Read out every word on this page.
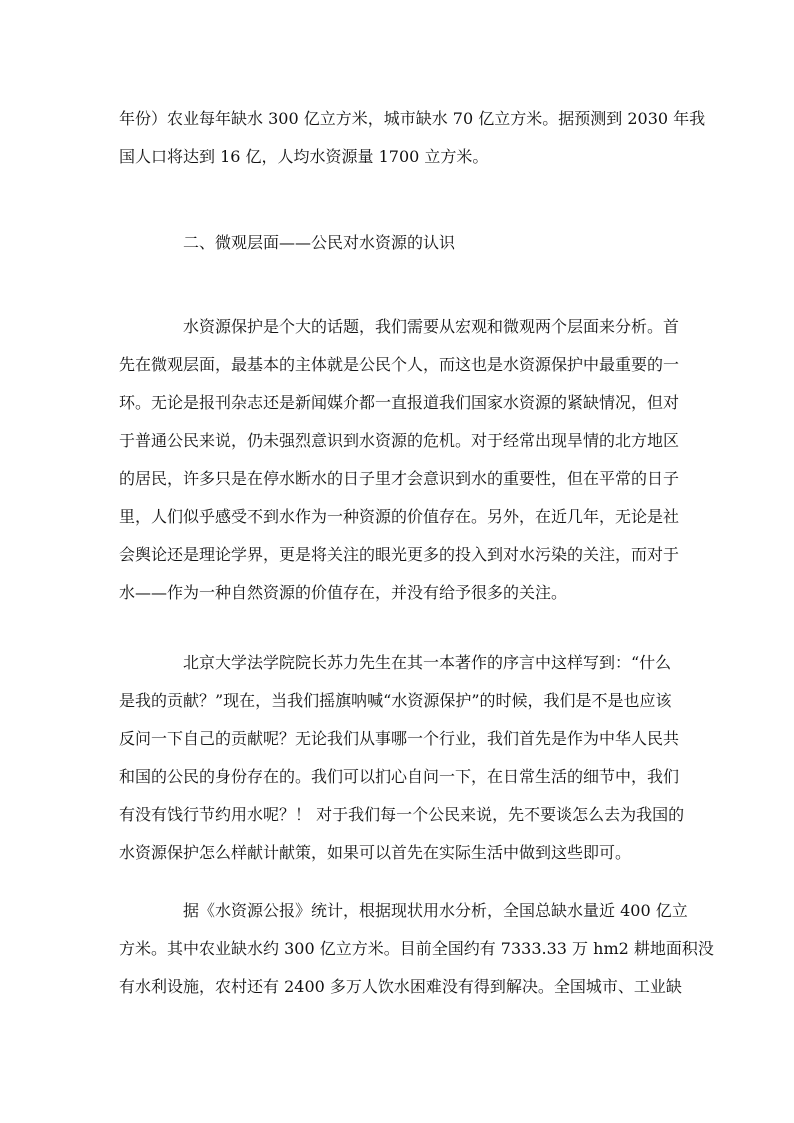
年份）农业每年缺水 300 亿立方米，城市缺水 70 亿立方米。据预测到 2030 年我
国人口将达到 16 亿，人均水资源量 1700 立方米。
二、微观层面——公民对水资源的认识
水资源保护是个大的话题，我们需要从宏观和微观两个层面来分析。首
先在微观层面，最基本的主体就是公民个人，而这也是水资源保护中最重要的一
环。无论是报刊杂志还是新闻媒介都一直报道我们国家水资源的紧缺情况，但对
于普通公民来说，仍未强烈意识到水资源的危机。对于经常出现旱情的北方地区
的居民，许多只是在停水断水的日子里才会意识到水的重要性，但在平常的日子
里，人们似乎感受不到水作为一种资源的价值存在。另外，在近几年，无论是社
会舆论还是理论学界，更是将关注的眼光更多的投入到对水污染的关注，而对于
水——作为一种自然资源的价值存在，并没有给予很多的关注。
北京大学法学院院长苏力先生在其一本著作的序言中这样写到：“什么
是我的贡献？”现在，当我们摇旗呐喊“水资源保护”的时候，我们是不是也应该
反问一下自己的贡献呢？无论我们从事哪一个行业，我们首先是作为中华人民共
和国的公民的身份存在的。我们可以扪心自问一下，在日常生活的细节中，我们
有没有饯行节约用水呢？！ 对于我们每一个公民来说，先不要谈怎么去为我国的
水资源保护怎么样献计献策，如果可以首先在实际生活中做到这些即可。
据《水资源公报》统计，根据现状用水分析，全国总缺水量近 400 亿立
方米。其中农业缺水约 300 亿立方米。目前全国约有 7333.33 万 hm2 耕地面积没
有水利设施，农村还有 2400 多万人饮水困难没有得到解决。全国城市、工业缺
